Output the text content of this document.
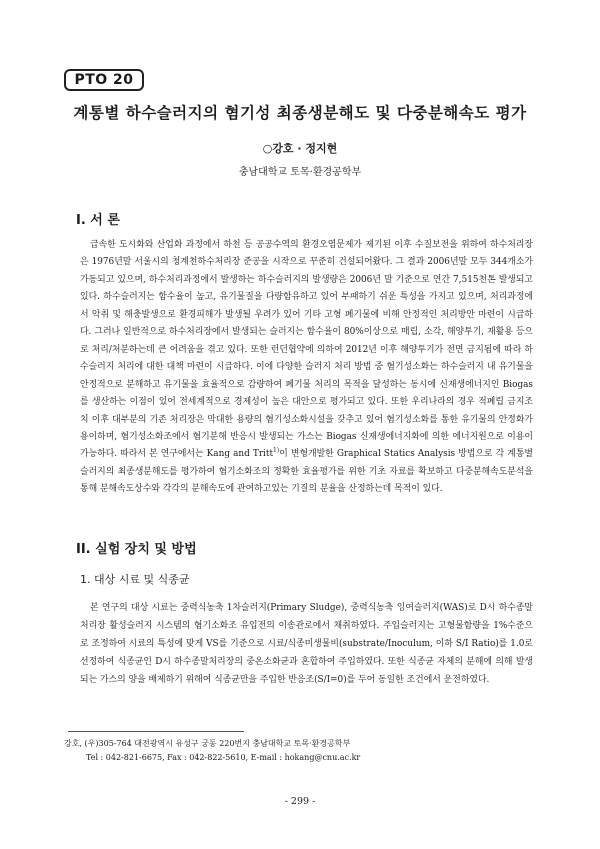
PTO 20
계통별 하수슬러지의 혐기성 최종생분해도 및 다중분해속도 평가
○강호 · 정지현
충남대학교 토목·환경공학부
I. 서 론
급속한 도시화와 산업화 과정에서 하천 등 공공수역의 환경오염문제가 제기된 이후 수질보전을 위하여 하수처리장은 1976년말 서울시의 청계천하수처리장 준공을 시작으로 꾸준히 건설되어왔다. 그 결과 2006년말 모두 344개소가 가동되고 있으며, 하수처리과정에서 발생하는 하수슬러지의 발생량은 2006년 말 기준으로 연간 7,515천톤 발생되고 있다. 하수슬러지는 함수율이 높고, 유기물질을 다량함유하고 있어 부패하기 쉬운 특성을 가지고 있으며, 처리과정에서 악취 및 해충발생으로 환경피해가 발생될 우려가 있어 기타 고형 폐기물에 비해 안정적인 처리방안 마련이 시급하다. 그러나 일반적으로 하수처리장에서 발생되는 슬러지는 함수율이 80%이상으로 매립, 소각, 해양투기, 재활용 등으로 처리/처분하는데 큰 어려움을 겪고 있다. 또한 런던협약에 의하여 2012년 이후 해양투기가 전면 금지됨에 따라 하수슬러지 처리에 대한 대책 마련이 시급하다. 이에 다양한 슬러지 처리 방법 중 혐기성소화는 하수슬러지 내 유기물을 안정적으로 분해하고 유기물을 효율적으로 감량하여 폐기물 처리의 목적을 달성하는 동시에 신재생에너지인 Biogas를 생산하는 이점이 있어 전세계적으로 경제성이 높은 대안으로 평가되고 있다. 또한 우리나라의 경우 적폐립 금지조치 이후 대부분의 기존 처리장은 막대한 용량의 혐기성소화시설을 갖추고 있어 혐기성소화를 통한 유기물의 안정화가 용이하며, 혐기성소화조에서 혐기분해 반응시 발생되는 가스는 Biogas 신재생에너지화에 의한 에너지원으로 이용이 가능하다. 따라서 본 연구에서는 Kang and Tritt$^{1)}$이 변형개발한 Graphical Statics Analysis 방법으로 각 계통별 슬러지의 최종생분해도를 평가하여 혐기소화조의 정확한 효율평가를 위한 기초 자료를 확보하고 다중분해속도분석을 통해 분해속도상수와 각각의 분해속도에 관여하고있는 기질의 분율을 산정하는데 목적이 있다.
II. 실험 장치 및 방법
1. 대상 시료 및 식종균
본 연구의 대상 시료는 중력식농축 1차슬러지(Primary Sludge), 중력식농축 잉여슬러지(WAS)로 D시 하수종말처리장 활성슬러지 시스템의 혐기소화조 유입전의 이송관로에서 채취하였다. 주입슬러지는 고형물함량을 1%수준으로 조정하여 시료의 특성에 맞게 VS를 기준으로 시료/식종미생물비(substrate/Inoculum, 이하 S/I Ratio)를 1.0로 선정하여 식종균인 D시 하수종말처리장의 중온소화균과 혼합하여 주입하였다. 또한 식종균 자체의 분해에 의해 발생되는 가스의 양을 배제하기 위해여 식종균만을 주입한 반응조(S/I=0)를 두어 동일한 조건에서 운전하였다.
강호, (우)305-764 대전광역시 유성구 궁동 220번지 충남대학교 토목·환경공학부
Tel : 042-821-6675, Fax : 042-822-5610, E-mail : hokang@cnu.ac.kr
- 299 -
